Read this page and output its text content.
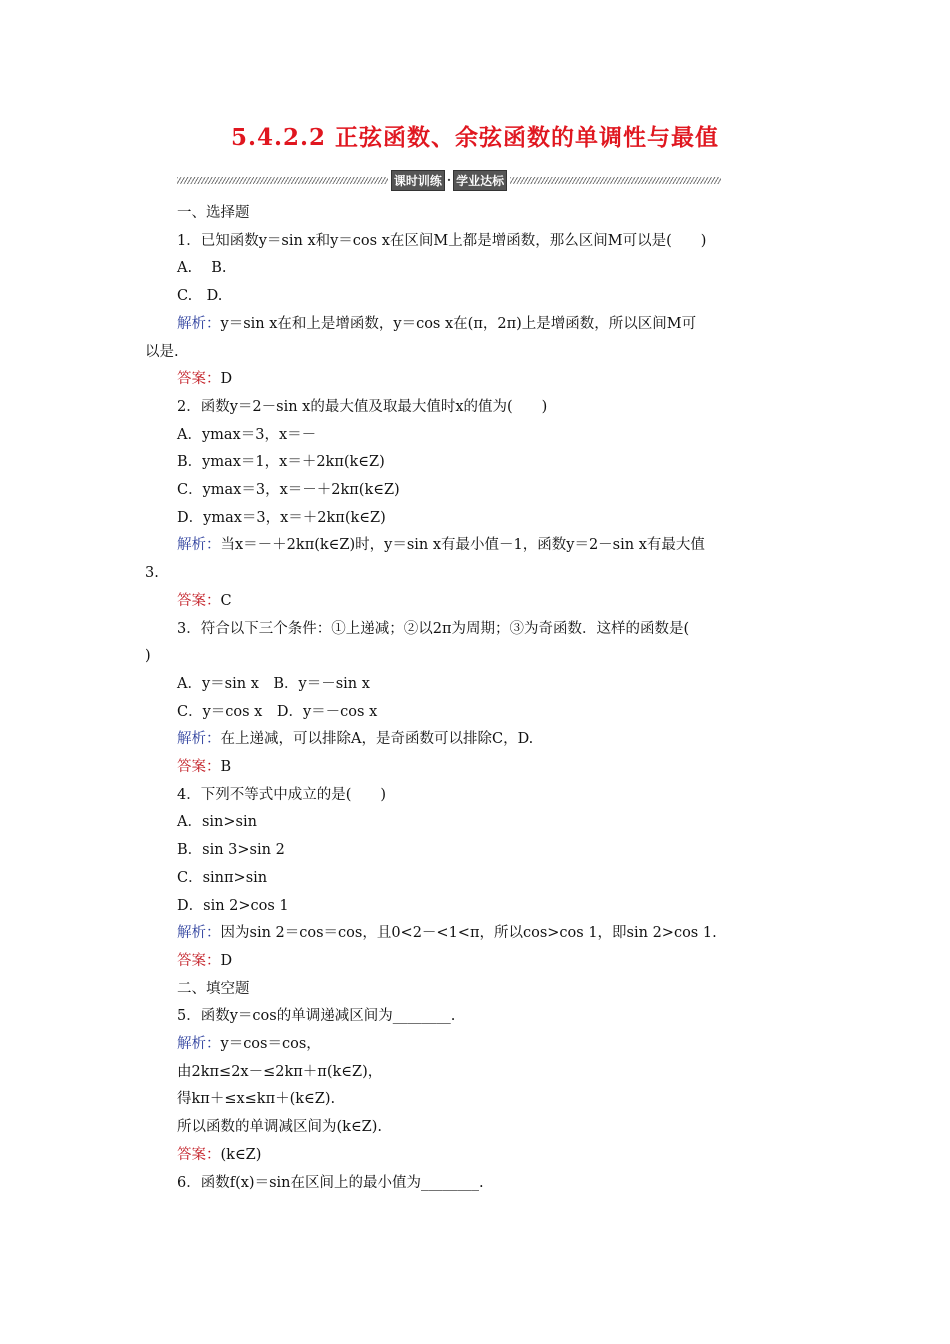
5.4.2.2 正弦函数、余弦函数的单调性与最值
课时训练 · 学业达标
一、选择题
1．已知函数y＝sin x和y＝cos x在区间M上都是增函数，那么区间M可以是(　　)
A.　 B.
C.　D.
解析：y＝sin x在和上是增函数，y＝cos x在(π，2π)上是增函数，所以区间M可
以是.
答案：D
2．函数y＝2－sin x的最大值及取最大值时x的值为(　　)
A．ymax＝3，x＝－
B．ymax＝1，x＝＋2kπ(k∈Z)
C．ymax＝3，x＝－＋2kπ(k∈Z)
D．ymax＝3，x＝＋2kπ(k∈Z)
解析：当x＝－＋2kπ(k∈Z)时，y＝sin x有最小值－1，函数y＝2－sin x有最大值
3.
答案：C
3．符合以下三个条件：①上递减；②以2π为周期；③为奇函数．这样的函数是(
)
A．y＝sin x　B．y＝－sin x
C．y＝cos x　D．y＝－cos x
解析：在上递减，可以排除A，是奇函数可以排除C，D.
答案：B
4．下列不等式中成立的是(　　)
A．sin>sin
B．sin 3>sin 2
C．sinπ>sin
D．sin 2>cos 1
解析：因为sin 2＝cos＝cos，且0<2－<1<π，所以cos>cos 1，即sin 2>cos 1.
答案：D
二、填空题
5．函数y＝cos的单调递减区间为________.
解析：y＝cos＝cos，
由2kπ≤2x－≤2kπ＋π(k∈Z)，
得kπ＋≤x≤kπ＋(k∈Z).
所以函数的单调减区间为(k∈Z).
答案：(k∈Z)
6．函数f(x)＝sin在区间上的最小值为________.
